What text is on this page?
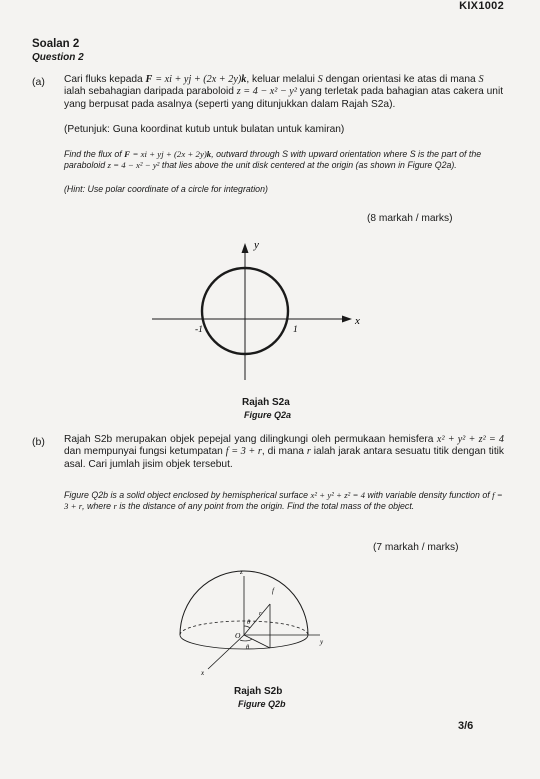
KIX1002
Soalan 2
Question 2
(a) Cari fluks kepada F = xi + yj + (2x + 2y)k, keluar melalui S dengan orientasi ke atas di mana S ialah sebahagian daripada paraboloid z = 4 − x² − y² yang terletak pada bahagian atas cakera unit yang berpusat pada asalnya (seperti yang ditunjukkan dalam Rajah S2a).
(Petunjuk: Guna koordinat kutub untuk bulatan untuk kamiran)
Find the flux of F = xi + yj + (2x + 2y)k, outward through S with upward orientation where S is the part of the paraboloid z = 4 − x² − y² that lies above the unit disk centered at the origin (as shown in Figure Q2a).
(Hint: Use polar coordinate of a circle for integration)
(8 markah / marks)
y
x
-1	1
Rajah S2a
Figure Q2a
(b) Rajah S2b merupakan objek pepejal yang dilingkungi oleh permukaan hemisfera x² + y² + z² = 4 dan mempunyai fungsi ketumpatan f = 3 + r, di mana r ialah jarak antara sesuatu titik dengan titik asal. Cari jumlah jisim objek tersebut.
Figure Q2b is a solid object enclosed by hemispherical surface x² + y² + z² = 4 with variable density function of f = 3 + r, where r is the distance of any point from the origin. Find the total mass of the object.
(7 markah / marks)
z
y
x
f
r
θ
θ
O
Rajah S2b
Figure Q2b
3/6
